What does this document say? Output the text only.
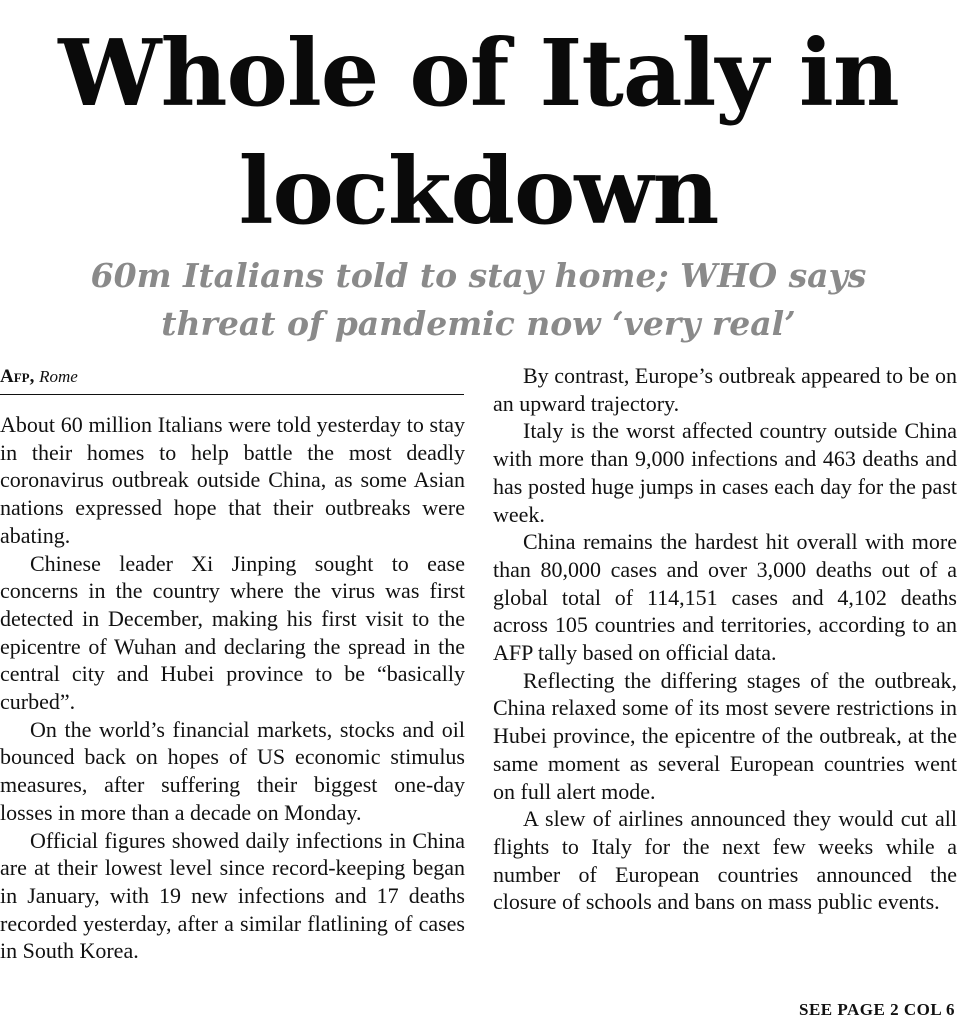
Whole of Italy in
lockdown
60m Italians told to stay home; WHO says
threat of pandemic now ‘very real’
Afp, Rome

About 60 million Italians were told yesterday to stay in their homes to help battle the most deadly coronavirus outbreak outside China, as some Asian nations expressed hope that their outbreaks were abating.

Chinese leader Xi Jinping sought to ease concerns in the country where the virus was first detected in December, making his first visit to the epicentre of Wuhan and declaring the spread in the central city and Hubei province to be “basically curbed”.

On the world’s financial markets, stocks and oil bounced back on hopes of US economic stimulus measures, after suffering their biggest one-day losses in more than a decade on Monday.

Official figures showed daily infections in China are at their lowest level since record-keeping began in January, with 19 new infections and 17 deaths recorded yesterday, after a similar flatlining of cases in South Korea.

By contrast, Europe’s outbreak appeared to be on an upward trajectory.

Italy is the worst affected country outside China with more than 9,000 infections and 463 deaths and has posted huge jumps in cases each day for the past week.

China remains the hardest hit overall with more than 80,000 cases and over 3,000 deaths out of a global total of 114,151 cases and 4,102 deaths across 105 countries and territories, according to an AFP tally based on official data.

Reflecting the differing stages of the outbreak, China relaxed some of its most severe restrictions in Hubei province, the epicentre of the outbreak, at the same moment as several European countries went on full alert mode.

A slew of airlines announced they would cut all flights to Italy for the next few weeks while a number of European countries announced the closure of schools and bans on mass public events.

SEE PAGE 2 COL 6
